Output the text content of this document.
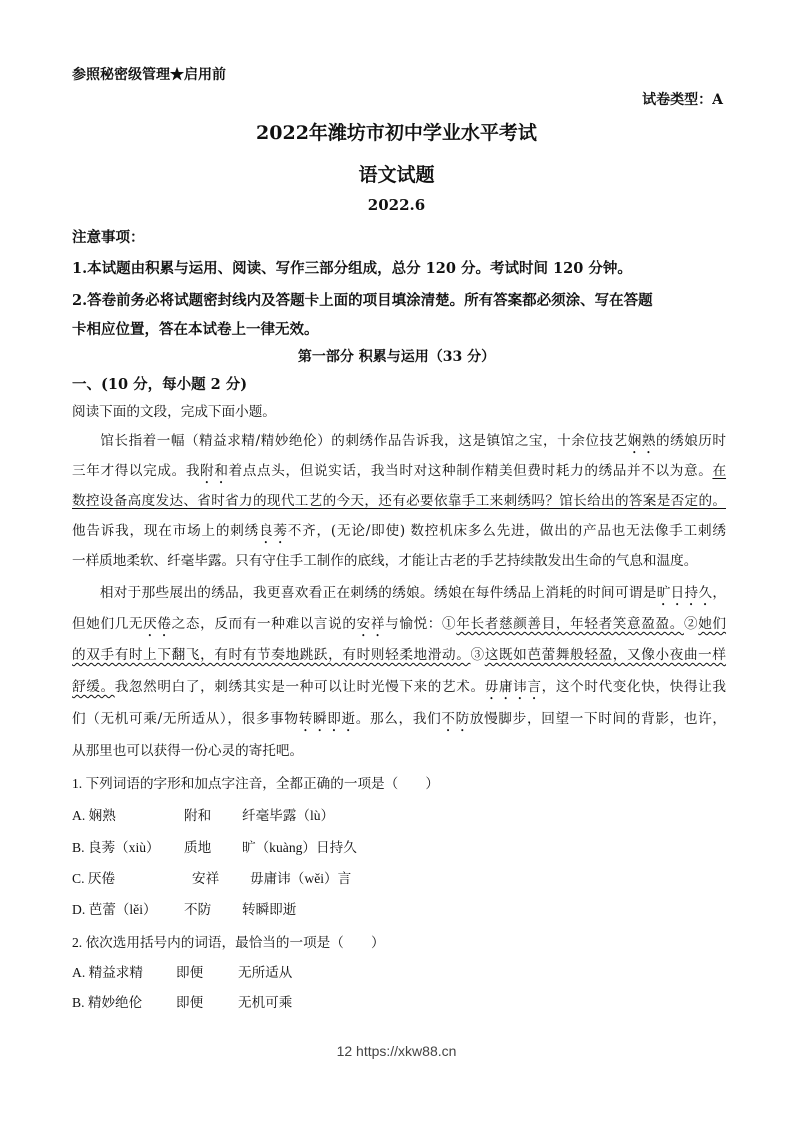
参照秘密级管理★启用前
试卷类型：A
2022年潍坊市初中学业水平考试
语文试题
2022.6
注意事项：
1.本试题由积累与运用、阅读、写作三部分组成，总分 120 分。考试时间 120 分钟。
2.答卷前务必将试题密封线内及答题卡上面的项目填涂清楚。所有答案都必须涂、写在答题
卡相应位置，答在本试卷上一律无效。
第一部分 积累与运用（33 分）
一、(10 分，每小题 2 分)
阅读下面的文段，完成下面小题。
　　馆长指着一幅（精益求精/精妙绝伦）的刺绣作品告诉我，这是镇馆之宝，十余位技艺娴熟的绣娘历时
三年才得以完成。我附和着点点头，但说实话，我当时对这种制作精美但费时耗力的绣品并不以为意。在
数控设备高度发达、省时省力的现代工艺的今天，还有必要依靠手工来刺绣吗？馆长给出的答案是否定的。
他告诉我，现在市场上的刺绣良莠不齐，(无论/即使) 数控机床多么先进，做出的产品也无法像手工刺绣
一样质地柔软、纤毫毕露。只有守住手工制作的底线，才能让古老的手艺持续散发出生命的气息和温度。
　　相对于那些展出的绣品，我更喜欢看正在刺绣的绣娘。绣娘在每件绣品上消耗的时间可谓是旷日持久，
但她们几无厌倦之态，反而有一种难以言说的安祥与愉悦：①年长者慈颜善目，年轻者笑意盈盈。②她们
的双手有时上下翻飞，有时有节奏地跳跃，有时则轻柔地滑动。③这既如芭蕾舞般轻盈，又像小夜曲一样
舒缓。我忽然明白了，刺绣其实是一种可以让时光慢下来的艺术。毋庸讳言，这个时代变化快，快得让我
们（无机可乘/无所适从），很多事物转瞬即逝。那么，我们不防放慢脚步，回望一下时间的背影，也许，
从那里也可以获得一份心灵的寄托吧。
1. 下列词语的字形和加点字注音，全都正确的一项是（　　）
A. 娴熟	附和 纤毫毕露（lù）
B. 良莠（xiù） 质地 旷（kuàng）日持久
C. 厌倦	安祥 毋庸讳（wěi）言
D. 芭蕾（lěi） 不防 转瞬即逝
2. 依次选用括号内的词语，最恰当的一项是（　　）
A. 精益求精 即便	无所适从
B. 精妙绝伦 即便	无机可乘
12 https://xkw88.cn
